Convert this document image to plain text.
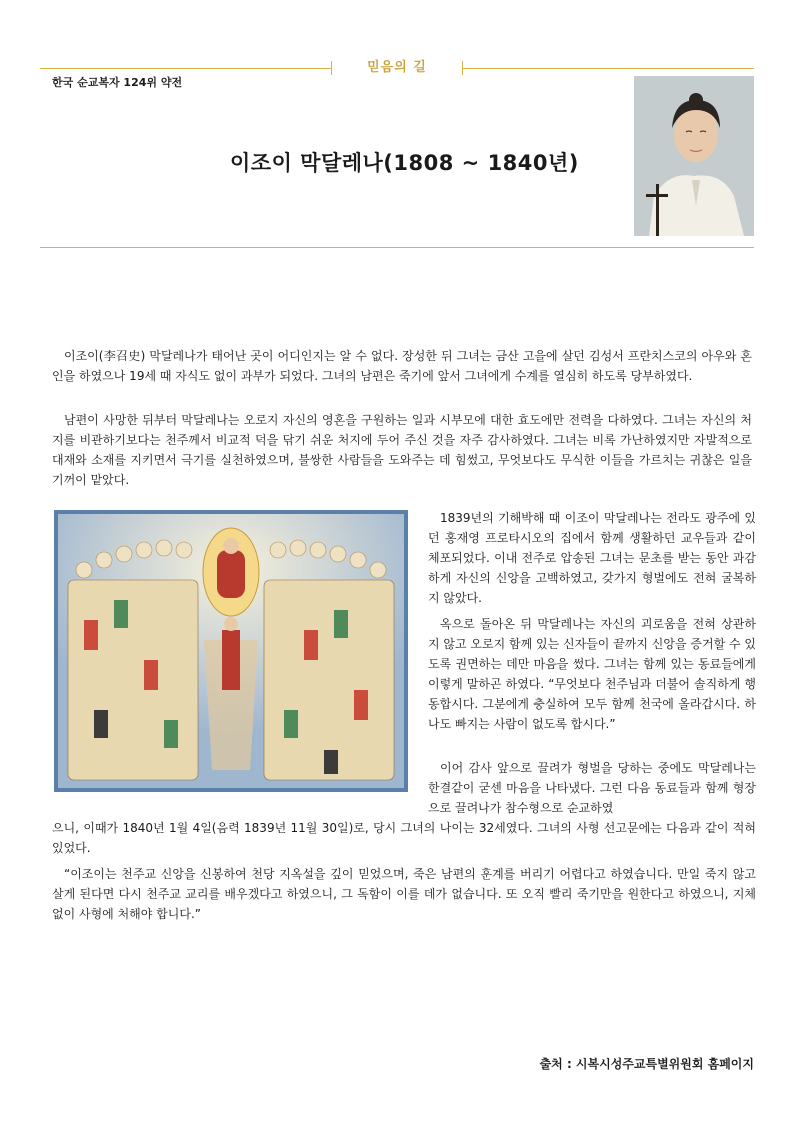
믿음의 길
한국 순교복자 124위 약전
이조이 막달레나(1808 ~ 1840년)

이조이(李召史) 막달레나가 태어난 곳이 어디인지는 알 수 없다. 장성한 뒤 그녀는 금산 고을에 살던 김성서 프란치스코의 아우와 혼인을 하였으나 19세 때 자식도 없이 과부가 되었다. 그녀의 남편은 죽기에 앞서 그녀에게 수계를 열심히 하도록 당부하였다.

남편이 사망한 뒤부터 막달레나는 오로지 자신의 영혼을 구원하는 일과 시부모에 대한 효도에만 전력을 다하였다. 그녀는 자신의 처지를 비관하기보다는 천주께서 비교적 덕을 닦기 쉬운 처지에 두어 주신 것을 자주 감사하였다. 그녀는 비록 가난하였지만 자발적으로 대재와 소재를 지키면서 극기를 실천하였으며, 불쌍한 사람들을 도와주는 데 힘썼고, 무엇보다도 무식한 이들을 가르치는 귀찮은 일을 기꺼이 맡았다.

1839년의 기해박해 때 이조이 막달레나는 전라도 광주에 있던 홍재영 프로타시오의 집에서 함께 생활하던 교우들과 같이 체포되었다. 이내 전주로 압송된 그녀는 문초를 받는 동안 과감하게 자신의 신앙을 고백하였고, 갖가지 형벌에도 전혀 굴복하지 않았다.

옥으로 돌아온 뒤 막달레나는 자신의 괴로움을 전혀 상관하지 않고 오로지 함께 있는 신자들이 끝까지 신앙을 증거할 수 있도록 권면하는 데만 마음을 썼다. 그녀는 함께 있는 동료들에게 이렇게 말하곤 하였다. “무엇보다 천주님과 더불어 솔직하게 행동합시다. 그분에게 충실하여 모두 함께 천국에 올라갑시다. 하나도 빠지는 사람이 없도록 합시다.”

이어 감사 앞으로 끌려가 형벌을 당하는 중에도 막달레나는 한결같이 굳센 마음을 나타냈다. 그런 다음 동료들과 함께 형장으로 끌려나가 참수형으로 순교하였

으니, 이때가 1840년 1월 4일(음력 1839년 11월 30일)로, 당시 그녀의 나이는 32세였다. 그녀의 사형 선고문에는 다음과 같이 적혀 있었다.

“이조이는 천주교 신앙을 신봉하여 천당 지옥설을 깊이 믿었으며, 죽은 남편의 훈계를 버리기 어렵다고 하였습니다. 만일 죽지 않고 살게 된다면 다시 천주교 교리를 배우겠다고 하였으니, 그 독함이 이를 데가 없습니다. 또 오직 빨리 죽기만을 원한다고 하였으니, 지체 없이 사형에 처해야 합니다.”

출처 : 시복시성주교특별위원회 홈페이지
